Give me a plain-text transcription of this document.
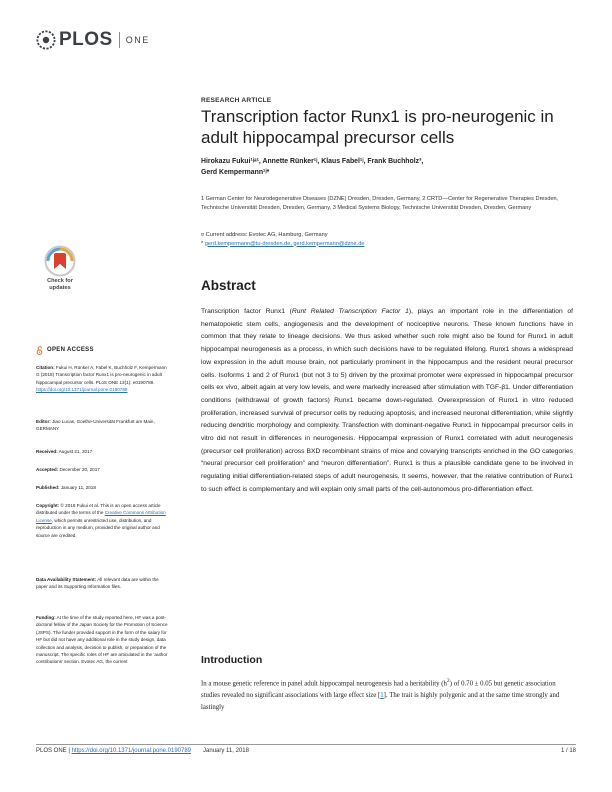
PLOS ONE
RESEARCH ARTICLE
Transcription factor Runx1 is pro-neurogenic in adult hippocampal precursor cells
Hirokazu Fukui¹ʲᵃ¹, Annette Rünker¹ʲ, Klaus Fabel¹ʲ, Frank Buchholz³,
Gerd Kempermann¹ʲ*
1 German Center for Neurodegenerative Diseases (DZNE) Dresden, Dresden, Germany, 2 CRTD—Center for Regenerative Therapies Dresden, Technische Universität Dresden, Dresden, Germany, 3 Medical Systems Biology, Technische Universität Dresden, Dresden, Germany
¤ Current address: Evotec AG, Hamburg, Germany
* gerd.kempermann@tu-dresden.de, gerd.kempermann@dzne.de
Abstract

Transcription factor Runx1 (Runt Related Transcription Factor 1), plays an important role in the differentiation of hematopoietic stem cells, angiogenesis and the development of nociceptive neurons. These known functions have in common that they relate to lineage decisions. We thus asked whether such role might also be found for Runx1 in adult hippocampal neurogenesis as a process, in which such decisions have to be regulated lifelong. Runx1 shows a widespread low expression in the adult mouse brain, not particularly prominent in the hippocampus and the resident neural precursor cells. Isoforms 1 and 2 of Runx1 (but not 3 to 5) driven by the proximal promoter were expressed in hippocampal precursor cells ex vivo, albeit again at very low levels, and were markedly increased after stimulation with TGF-β1. Under differentiation conditions (withdrawal of growth factors) Runx1 became down-regulated. Overexpression of Runx1 in vitro reduced proliferation, increased survival of precursor cells by reducing apoptosis, and increased neuronal differentiation, while slightly reducing dendritic morphology and complexity. Transfection with dominant-negative Runx1 in hippocampal precursor cells in vitro did not result in differences in neurogenesis. Hippocampal expression of Runx1 correlated with adult neurogenesis (precursor cell proliferation) across BXD recombinant strains of mice and covarying transcripts enriched in the GO categories “neural precursor cell proliferation” and “neuron differentiation”. Runx1 is thus a plausible candidate gene to be involved in regulating initial differentiation-related steps of adult neurogenesis. It seems, however, that the relative contribution of Runx1 to such effect is complementary and will explain only small parts of the cell-autonomous pro-differentiation effect.

Introduction

In a mouse genetic reference in panel adult hippocampal neurogenesis had a heritability $(h^2)$ of 0.70 ± 0.05 but genetic association studies revealed no significant associations with large effect size [1]. The trait is highly polygenic and at the same time strongly and lastingly

Check for
updates
OPEN ACCESS
Citation: Fukui H, Rünker A, Fabel K, Buchholz F, Kempermann G (2018) Transcription factor Runx1 is pro-neurogenic in adult hippocampal precursor cells. PLoS ONE 13(1): e0190789. https://doi.org/10.1371/journal.pone.0190789
Editor: Jiao Lucas, Goethe-Universität Frankfurt am Main, GERMANY
Received: August 21, 2017
Accepted: December 20, 2017
Published: January 11, 2018
Copyright: © 2018 Fukui et al. This is an open access article distributed under the terms of the Creative Commons Attribution License, which permits unrestricted use, distribution, and reproduction in any medium, provided the original author and source are credited.
Data Availability Statement: All relevant data are within the paper and its Supporting Information files.
Funding: At the time of the study reported here, HF was a post-doctoral fellow of the Japan Society for the Promotion of Science (JSPS). The funder provided support in the form of the salary for HF but did not have any additional role in the study design, data collection and analysis, decision to publish, or preparation of the manuscript. The specific roles of HF are articulated in the ‘author contributions’ section. Evotec AG, the current
PLOS ONE | https://doi.org/10.1371/journal.pone.0190789 January 11, 2018	1 / 18
